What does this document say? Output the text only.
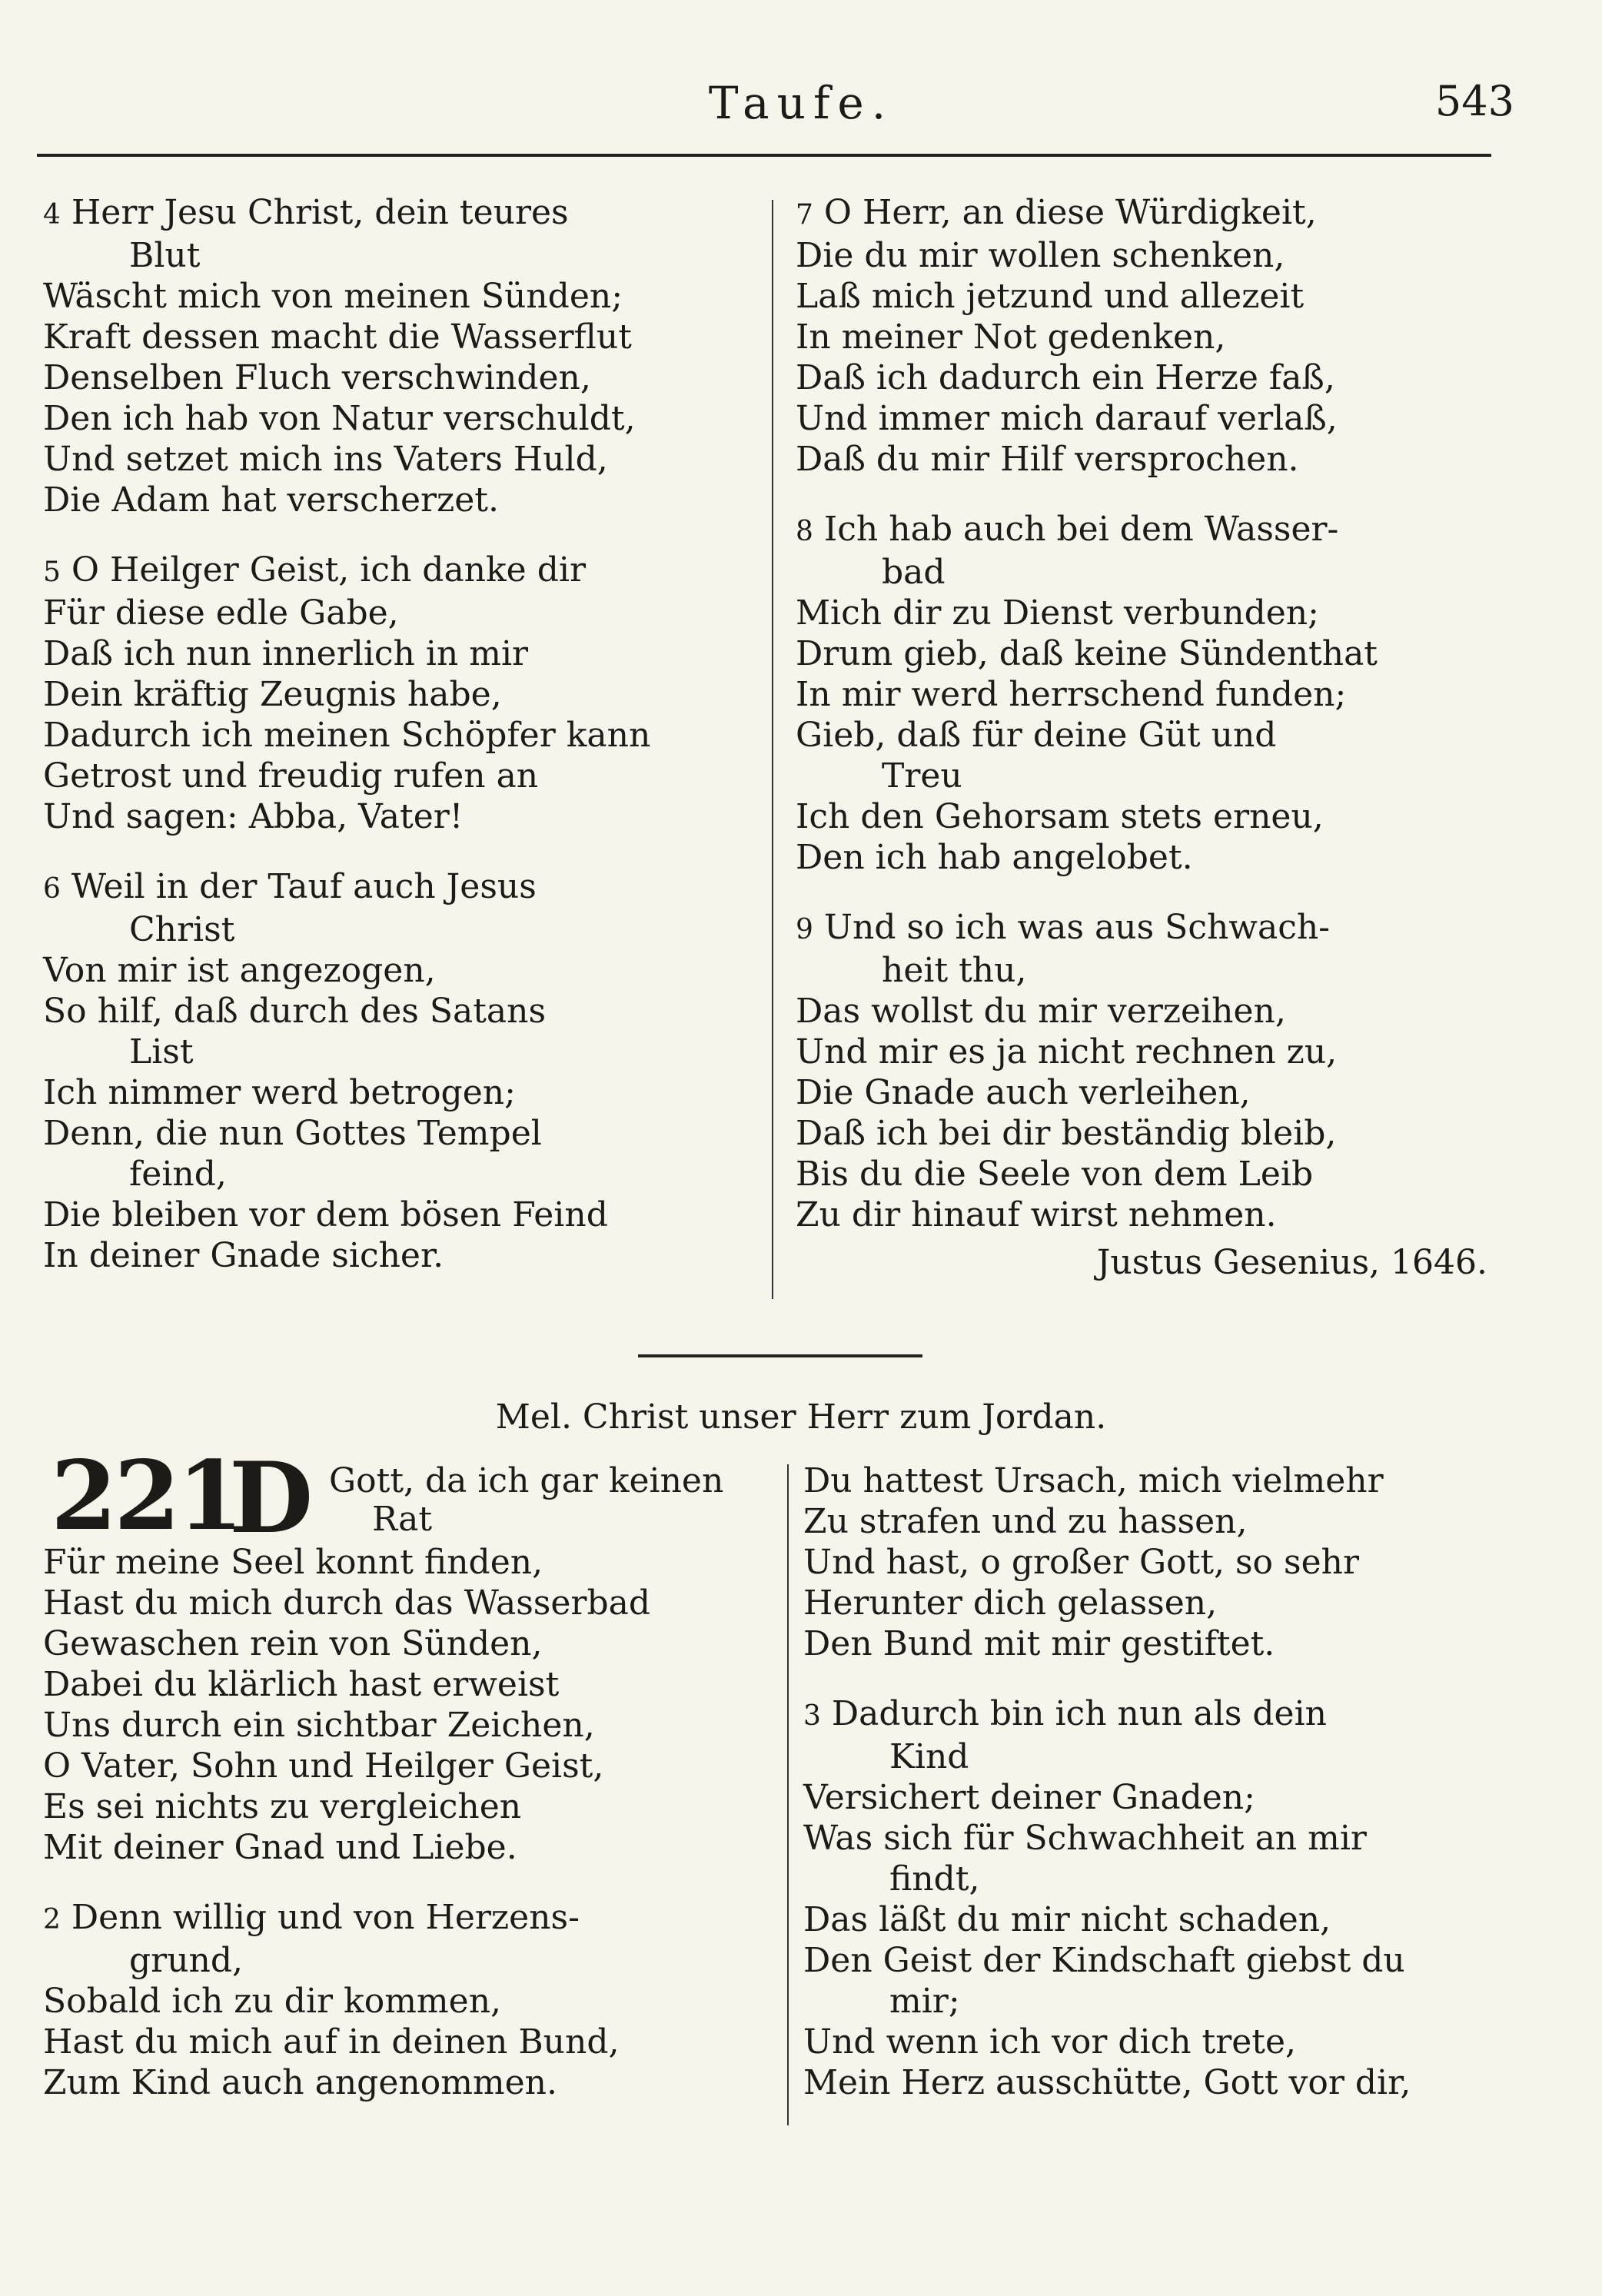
Taufe.	543
4 Herr Jesu Christ, dein teures
Blut
Wäscht mich von meinen Sünden;
Kraft dessen macht die Wasserflut
Denselben Fluch verschwinden,
Den ich hab von Natur verschuldt,
Und setzet mich ins Vaters Huld,
Die Adam hat verscherzet.
5 O Heilger Geist, ich danke dir
Für diese edle Gabe,
Daß ich nun innerlich in mir
Dein kräftig Zeugnis habe,
Dadurch ich meinen Schöpfer kann
Getrost und freudig rufen an
Und sagen: Abba, Vater!
6 Weil in der Tauf auch Jesus
Christ
Von mir ist angezogen,
So hilf, daß durch des Satans
List
Ich nimmer werd betrogen;
Denn, die nun Gottes Tempel
feind,
Die bleiben vor dem bösen Feind
In deiner Gnade sicher.
7 O Herr, an diese Würdigkeit,
Die du mir wollen schenken,
Laß mich jetzund und allezeit
In meiner Not gedenken,
Daß ich dadurch ein Herze faß,
Und immer mich darauf verlaß,
Daß du mir Hilf versprochen.
8 Ich hab auch bei dem Wasser-
bad
Mich dir zu Dienst verbunden;
Drum gieb, daß keine Sündenthat
In mir werd herrschend funden;
Gieb, daß für deine Güt und
Treu
Ich den Gehorsam stets erneu,
Den ich hab angelobet.
9 Und so ich was aus Schwach-
heit thu,
Das wollst du mir verzeihen,
Und mir es ja nicht rechnen zu,
Die Gnade auch verleihen,
Daß ich bei dir beständig bleib,
Bis du die Seele von dem Leib
Zu dir hinauf wirst nehmen.
Justus Gesenius, 1646.
Mel. Christ unser Herr zum Jordan.
221
D Gott, da ich gar keinen
Rat
Für meine Seel konnt finden,
Hast du mich durch das Wasserbad
Gewaschen rein von Sünden,
Dabei du klärlich hast erweist
Uns durch ein sichtbar Zeichen,
O Vater, Sohn und Heilger Geist,
Es sei nichts zu vergleichen
Mit deiner Gnad und Liebe.
2 Denn willig und von Herzens-
grund,
Sobald ich zu dir kommen,
Hast du mich auf in deinen Bund,
Zum Kind auch angenommen.
Du hattest Ursach, mich vielmehr
Zu strafen und zu hassen,
Und hast, o großer Gott, so sehr
Herunter dich gelassen,
Den Bund mit mir gestiftet.
3 Dadurch bin ich nun als dein
Kind
Versichert deiner Gnaden;
Was sich für Schwachheit an mir
findt,
Das läßt du mir nicht schaden,
Den Geist der Kindschaft giebst du
mir;
Und wenn ich vor dich trete,
Mein Herz ausschütte, Gott vor dir,
